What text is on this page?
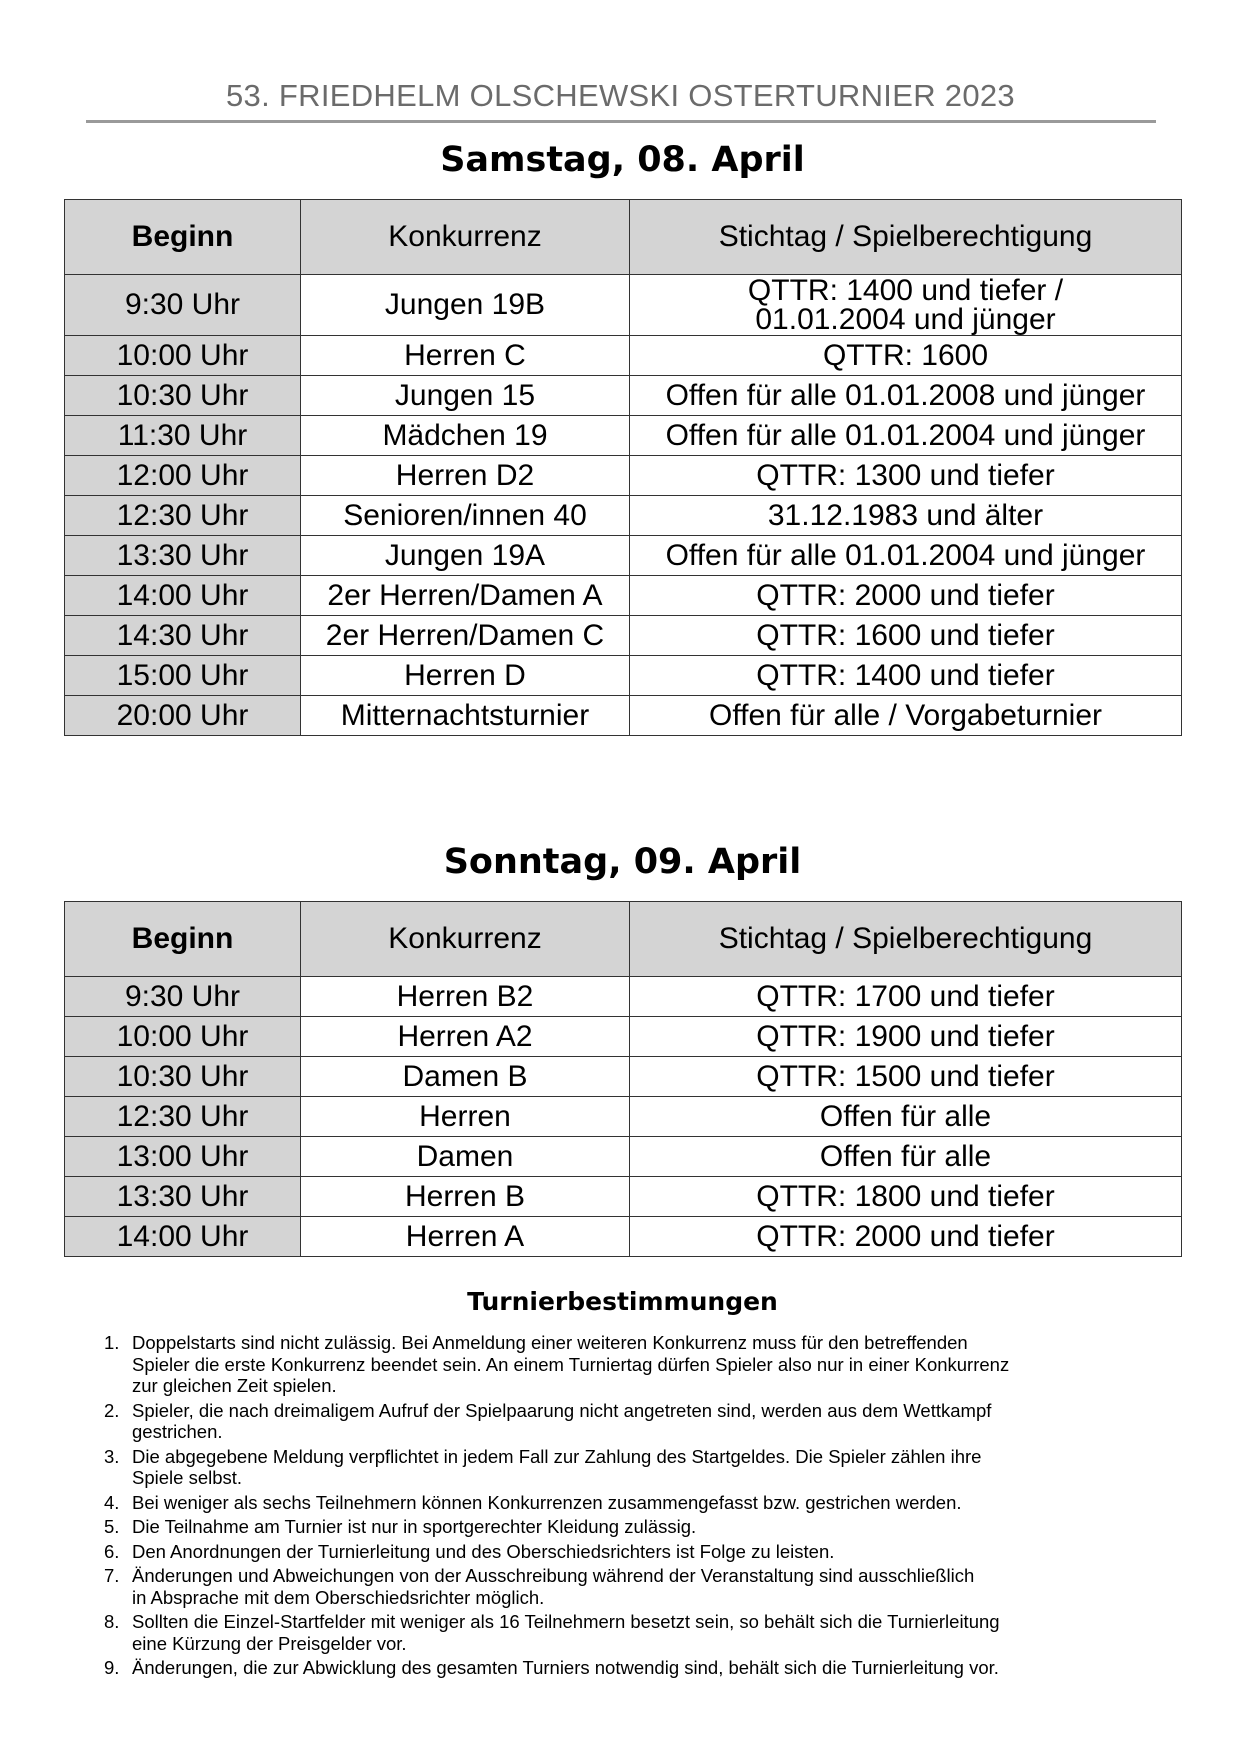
53. FRIEDHELM OLSCHEWSKI OSTERTURNIER 2023
Samstag, 08. April
Beginn	Konkurrenz	Stichtag / Spielberechtigung
9:30 Uhr	Jungen 19B	QTTR: 1400 und tiefer /
01.01.2004 und jünger

10:00 Uhr	Herren C	QTTR: 1600
10:30 Uhr	Jungen 15	Offen für alle 01.01.2008 und jünger
11:30 Uhr	Mädchen 19	Offen für alle 01.01.2004 und jünger
12:00 Uhr	Herren D2	QTTR: 1300 und tiefer
12:30 Uhr	Senioren/innen 40	31.12.1983 und älter
13:30 Uhr	Jungen 19A	Offen für alle 01.01.2004 und jünger
14:00 Uhr	2er Herren/Damen A	QTTR: 2000 und tiefer
14:30 Uhr	2er Herren/Damen C	QTTR: 1600 und tiefer
15:00 Uhr	Herren D	QTTR: 1400 und tiefer
20:00 Uhr	Mitternachtsturnier	Offen für alle / Vorgabeturnier
Sonntag, 09. April
Beginn	Konkurrenz	Stichtag / Spielberechtigung
9:30 Uhr	Herren B2	QTTR: 1700 und tiefer
10:00 Uhr	Herren A2	QTTR: 1900 und tiefer
10:30 Uhr	Damen B	QTTR: 1500 und tiefer
12:30 Uhr	Herren	Offen für alle
13:00 Uhr	Damen	Offen für alle
13:30 Uhr	Herren B	QTTR: 1800 und tiefer
14:00 Uhr	Herren A	QTTR: 2000 und tiefer
Turnierbestimmungen
1. Doppelstarts sind nicht zulässig. Bei Anmeldung einer weiteren Konkurrenz muss für den betreffenden
Spieler die erste Konkurrenz beendet sein. An einem Turniertag dürfen Spieler also nur in einer Konkurrenz
zur gleichen Zeit spielen.
2. Spieler, die nach dreimaligem Aufruf der Spielpaarung nicht angetreten sind, werden aus dem Wettkampf
gestrichen.
3. Die abgegebene Meldung verpflichtet in jedem Fall zur Zahlung des Startgeldes. Die Spieler zählen ihre
Spiele selbst.
4. Bei weniger als sechs Teilnehmern können Konkurrenzen zusammengefasst bzw. gestrichen werden.
5. Die Teilnahme am Turnier ist nur in sportgerechter Kleidung zulässig.
6. Den Anordnungen der Turnierleitung und des Oberschiedsrichters ist Folge zu leisten.
7. Änderungen und Abweichungen von der Ausschreibung während der Veranstaltung sind ausschließlich
in Absprache mit dem Oberschiedsrichter möglich.
8. Sollten die Einzel-Startfelder mit weniger als 16 Teilnehmern besetzt sein, so behält sich die Turnierleitung
eine Kürzung der Preisgelder vor.
9. Änderungen, die zur Abwicklung des gesamten Turniers notwendig sind, behält sich die Turnierleitung vor.
